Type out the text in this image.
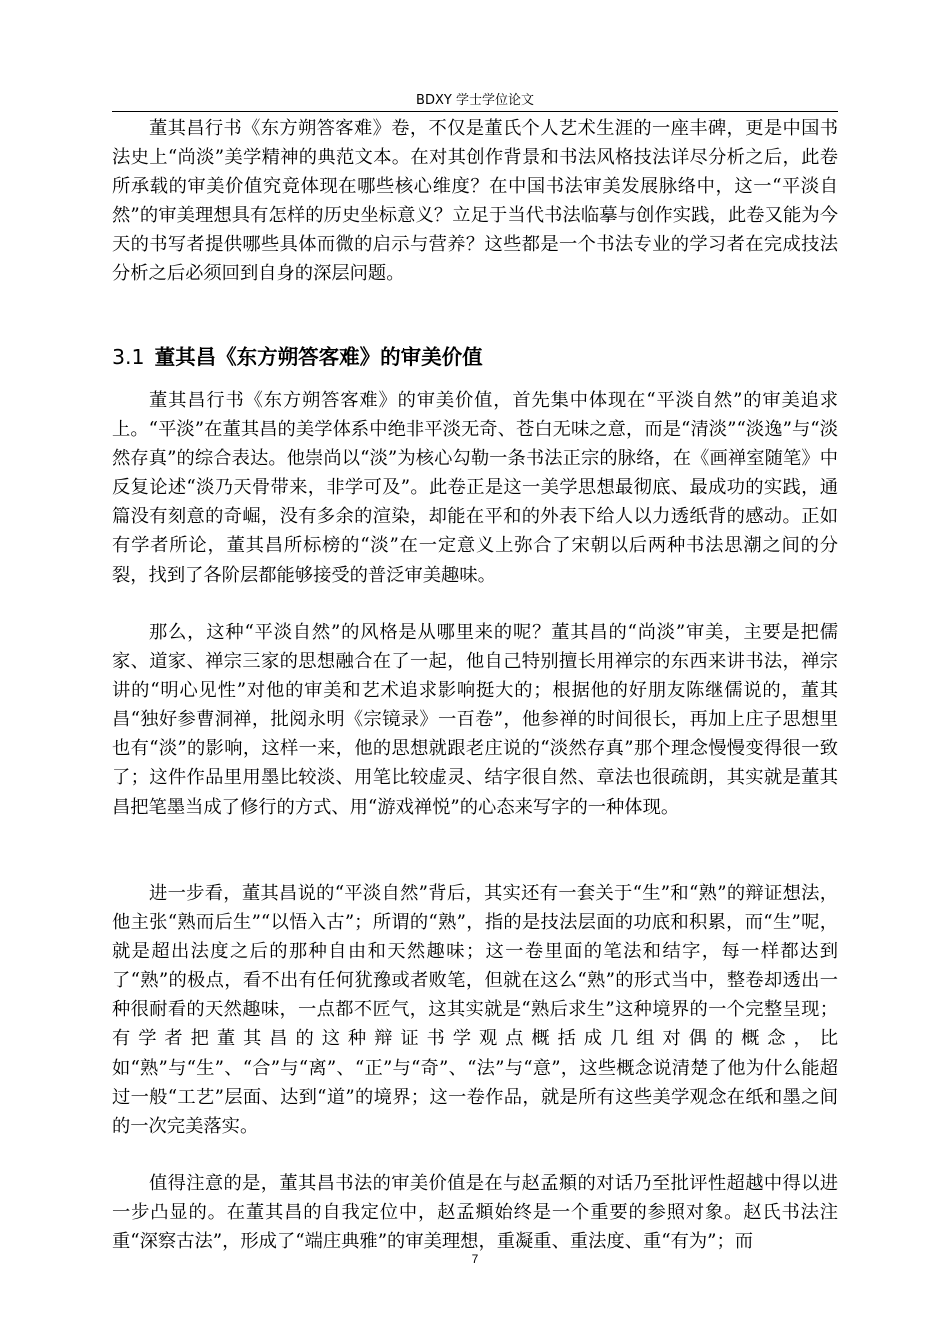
BDXY 学士学位论文

董其昌行书《东方朔答客难》卷，不仅是董氏个人艺术生涯的一座丰碑，更是中国书法史上“尚淡”美学精神的典范文本。在对其创作背景和书法风格技法详尽分析之后，此卷所承载的审美价值究竟体现在哪些核心维度？在中国书法审美发展脉络中，这一“平淡自然”的审美理想具有怎样的历史坐标意义？立足于当代书法临摹与创作实践，此卷又能为今天的书写者提供哪些具体而微的启示与营养？这些都是一个书法专业的学习者在完成技法分析之后必须回到自身的深层问题。

3.1 董其昌《东方朔答客难》的审美价值

董其昌行书《东方朔答客难》的审美价值，首先集中体现在“平淡自然”的审美追求上。“平淡”在董其昌的美学体系中绝非平淡无奇、苍白无味之意，而是“清淡”“淡逸”与“淡然存真”的综合表达。他崇尚以“淡”为核心勾勒一条书法正宗的脉络，在《画禅室随笔》中反复论述“淡乃天骨带来，非学可及”。此卷正是这一美学思想最彻底、最成功的实践，通篇没有刻意的奇崛，没有多余的渲染，却能在平和的外表下给人以力透纸背的感动。正如有学者所论，董其昌所标榜的“淡”在一定意义上弥合了宋朝以后两种书法思潮之间的分裂，找到了各阶层都能够接受的普泛审美趣味。

那么，这种“平淡自然”的风格是从哪里来的呢？董其昌的“尚淡”审美，主要是把儒家、道家、禅宗三家的思想融合在了一起，他自己特别擅长用禅宗的东西来讲书法，禅宗讲的“明心见性”对他的审美和艺术追求影响挺大的；根据他的好朋友陈继儒说的，董其昌“独好参曹洞禅，批阅永明《宗镜录》一百卷”，他参禅的时间很长，再加上庄子思想里也有“淡”的影响，这样一来，他的思想就跟老庄说的“淡然存真”那个理念慢慢变得很一致了；这件作品里用墨比较淡、用笔比较虚灵、结字很自然、章法也很疏朗，其实就是董其昌把笔墨当成了修行的方式、用“游戏禅悦”的心态来写字的一种体现。

进一步看，董其昌说的“平淡自然”背后，其实还有一套关于“生”和“熟”的辩证想法，他主张“熟而后生”“以悟入古”；所谓的“熟”，指的是技法层面的功底和积累，而“生”呢，就是超出法度之后的那种自由和天然趣味；这一卷里面的笔法和结字，每一样都达到了“熟”的极点，看不出有任何犹豫或者败笔，但就在这么“熟”的形式当中，整卷却透出一种很耐看的天然趣味，一点都不匠气，这其实就是“熟后求生”这种境界的一个完整呈现；有学者把董其昌的这种辩证书学观点概括成几组对偶的概念，比如“熟”与“生”、“合”与“离”、“正”与“奇”、“法”与“意”，这些概念说清楚了他为什么能超过一般“工艺”层面、达到“道”的境界；这一卷作品，就是所有这些美学观念在纸和墨之间的一次完美落实。

值得注意的是，董其昌书法的审美价值是在与赵孟頫的对话乃至批评性超越中得以进一步凸显的。在董其昌的自我定位中，赵孟頫始终是一个重要的参照对象。赵氏书法注重“深察古法”，形成了“端庄典雅”的审美理想，重凝重、重法度、重“有为”；而

7
